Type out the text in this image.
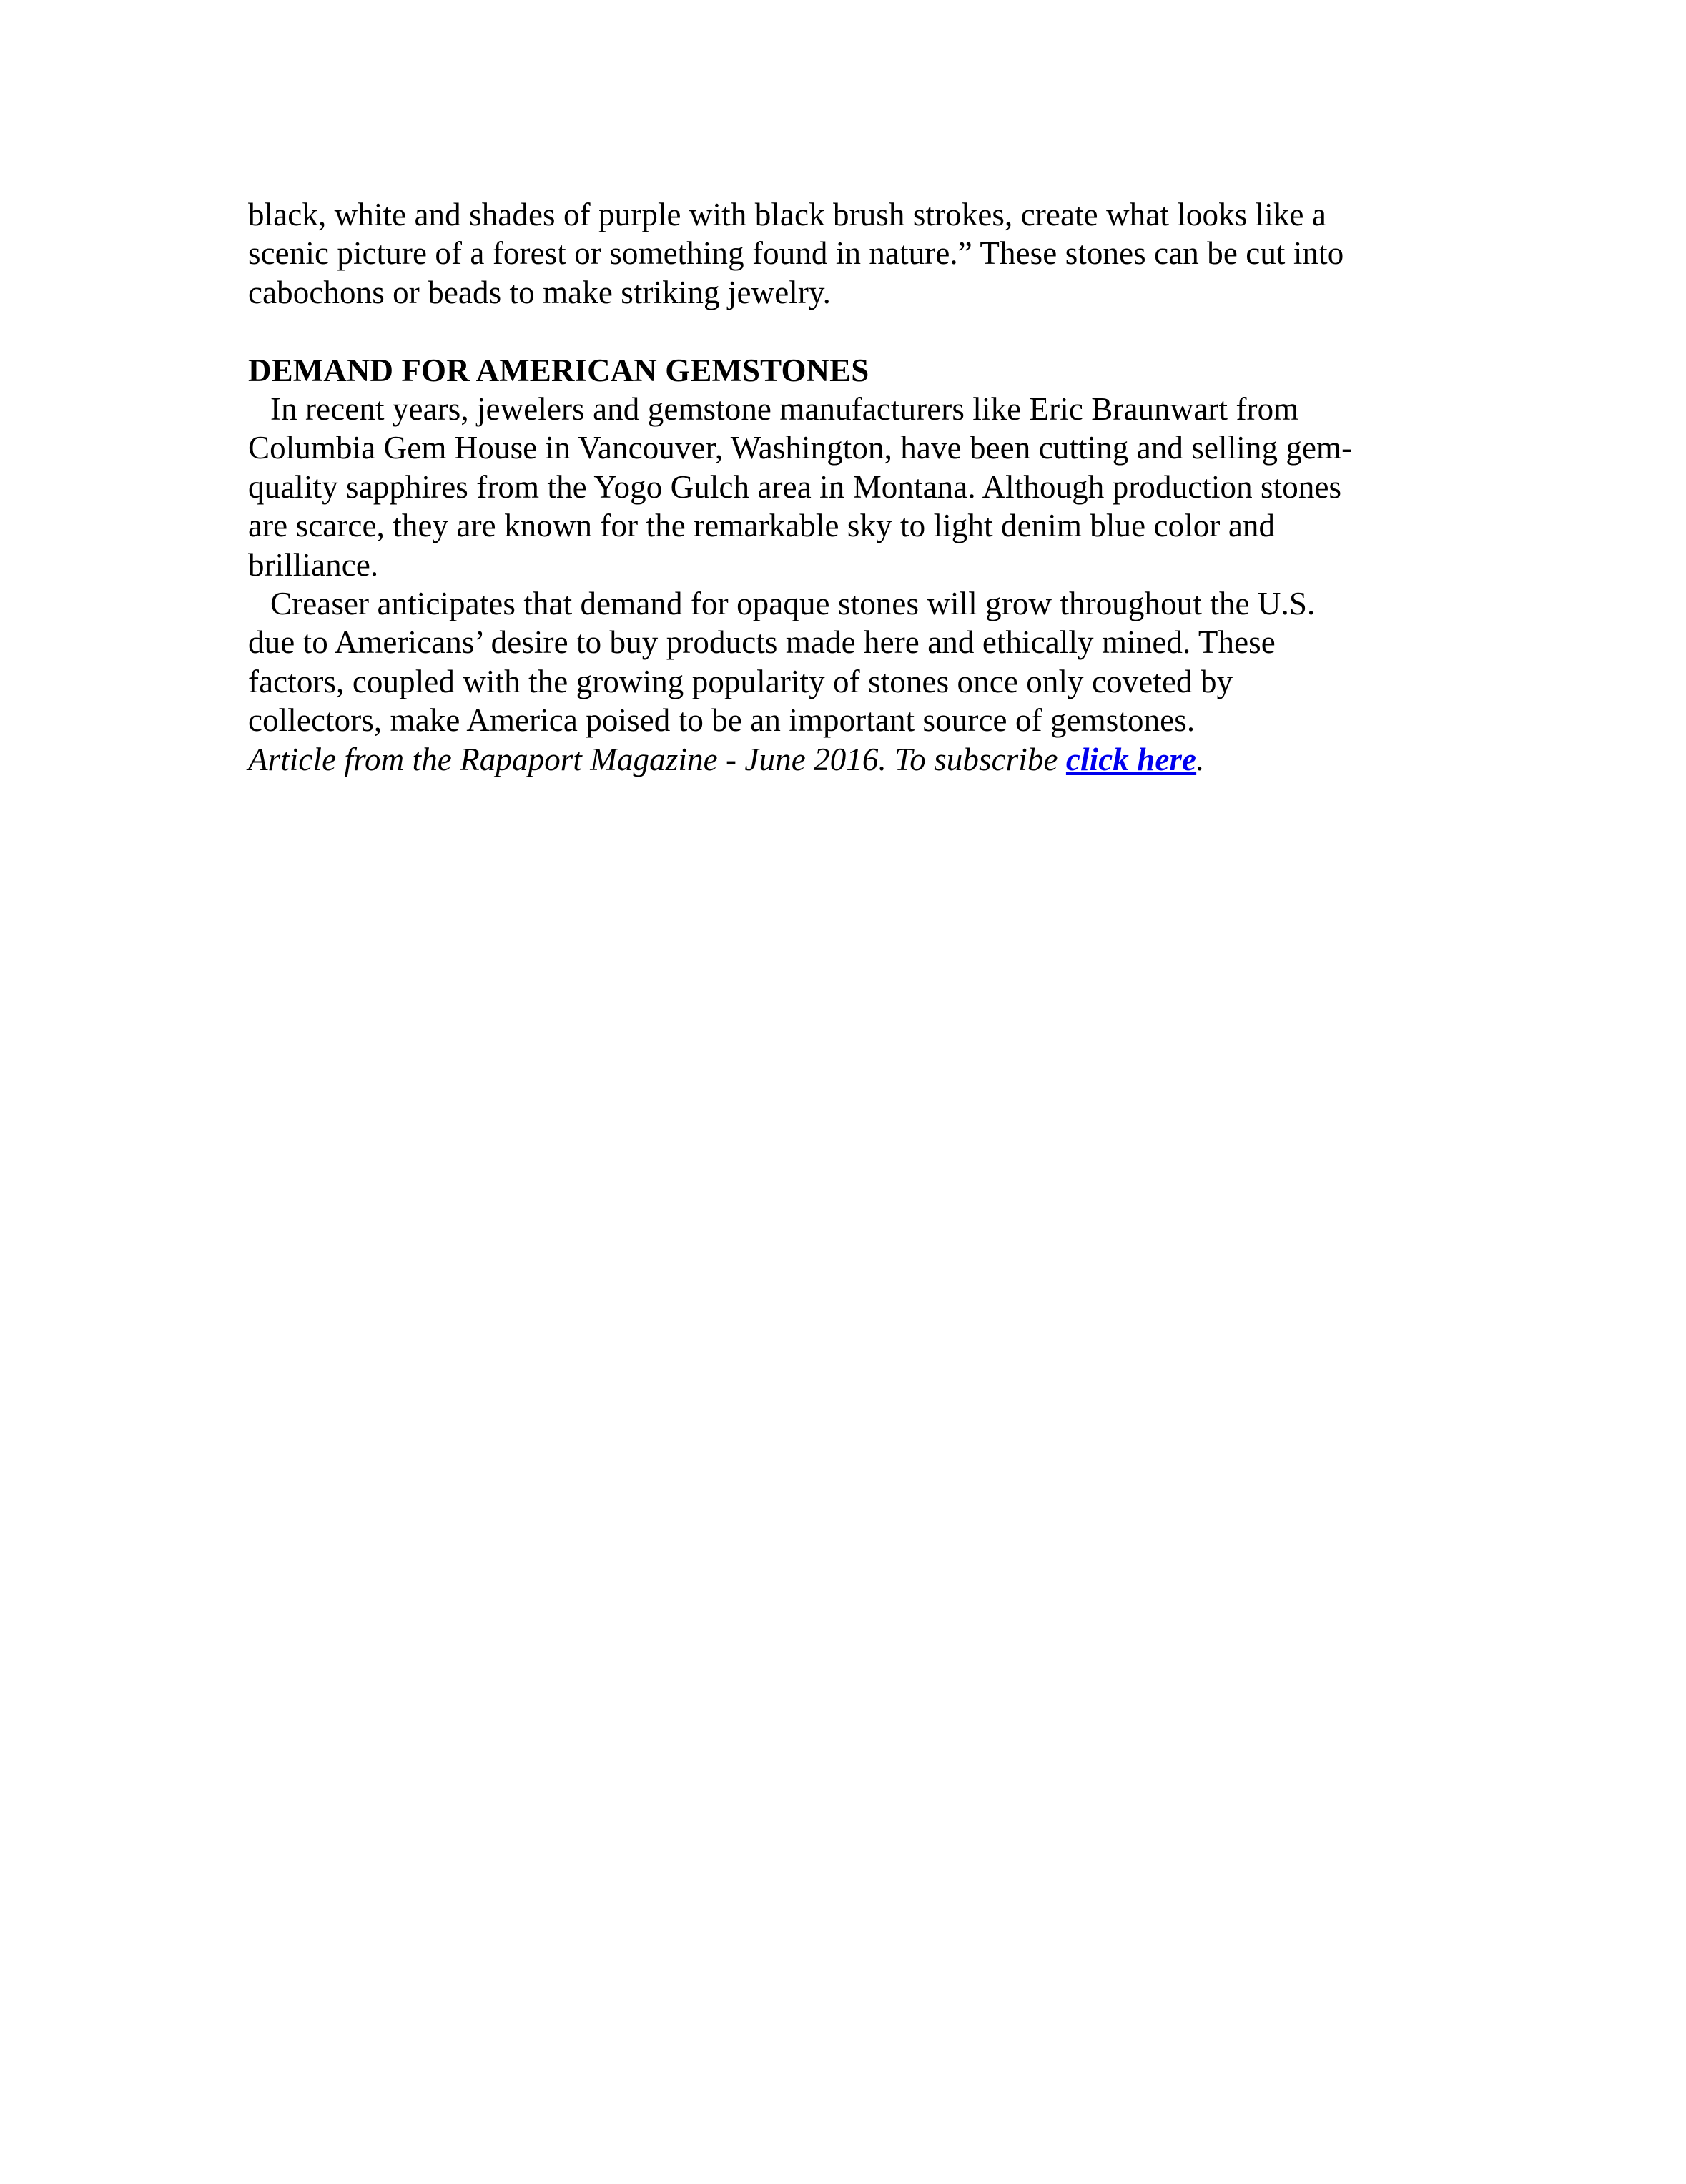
black, white and shades of purple with black brush strokes, create what looks like a
scenic picture of a forest or something found in nature.” These stones can be cut into
cabochons or beads to make striking jewelry.
DEMAND FOR AMERICAN GEMSTONES
In recent years, jewelers and gemstone manufacturers like Eric Braunwart from
Columbia Gem House in Vancouver, Washington, have been cutting and selling gem-
quality sapphires from the Yogo Gulch area in Montana. Although production stones
are scarce, they are known for the remarkable sky to light denim blue color and
brilliance.
Creaser anticipates that demand for opaque stones will grow throughout the U.S.
due to Americans’ desire to buy products made here and ethically mined. These
factors, coupled with the growing popularity of stones once only coveted by
collectors, make America poised to be an important source of gemstones.
Article from the Rapaport Magazine - June 2016. To subscribe click here.
